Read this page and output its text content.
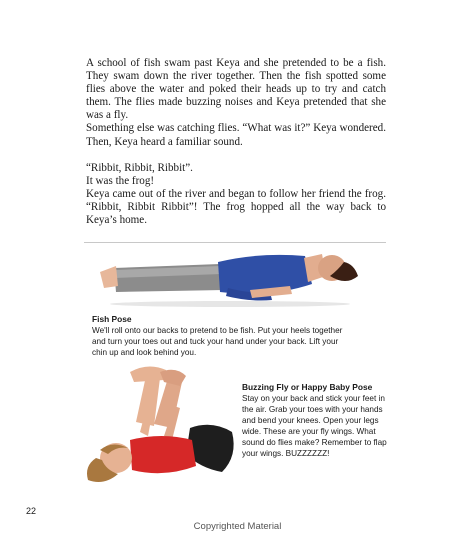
A school of fish swam past Keya and she pretended to be a fish. They swam down the river together. Then the fish spotted some flies above the water and poked their heads up to try and catch them. The flies made buzzing noises and Keya pretended that she was a fly.

Something else was catching flies. “What was it?” Keya wondered. Then, Keya heard a familiar sound.

“Ribbit, Ribbit, Ribbit”.

It was the frog!

Keya came out of the river and began to follow her friend the frog. “Ribbit, Ribbit Ribbit”! The frog hopped all the way back to Keya’s home.

Fish Pose
We'll roll onto our backs to pretend to be fish. Put your heels together and turn your toes out and tuck your hand under your back. Lift your chin up and look behind you.
Buzzing Fly or Happy Baby Pose
Stay on your back and stick your feet in the air. Grab your toes with your hands and bend your knees. Open your legs wide. These are your fly wings. What sound do flies make? Remember to flap your wings. BUZZZZZZ!
22
Copyrighted Material
